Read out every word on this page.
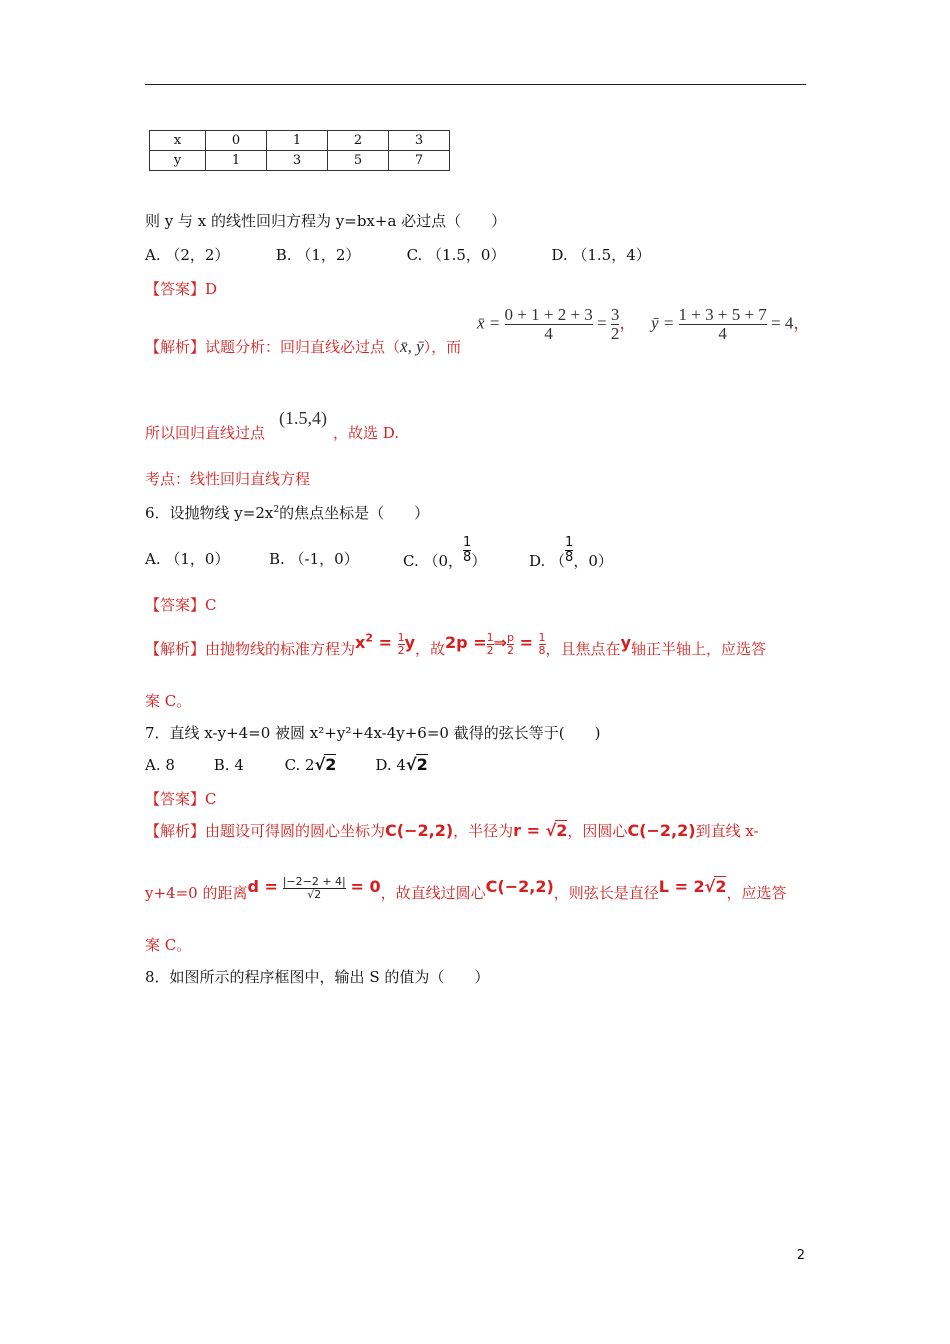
x	0	1	2	3
y	1	3	5	7
则 y 与 x 的线性回归方程为 y=bx+a 必过点（　　）
A. （2，2）	B. （1，2）	C. （1.5，0）	D. （1.5，4）
【答案】D
【解析】试题分析：回归直线必过点（x̄, ȳ），而
x̄ = $\frac{0 + 1 + 2 + 3}{4} = \frac{3}{2}$ ， ȳ = $\frac{1 + 3 + 5 + 7}{4} = 4$，
所以回归直线过点
(1.5,4)
，故选 D.
考点：线性回归直线方程
6．设抛物线 $y=2x^2$的焦点坐标是（　　）
A. （1，0）	B. （-1，0）	C. （0， $\frac{1}{8}$ ）	D. （ $\frac{1}{8}$ ，0）
【答案】C
【解析】由抛物线的标准方程为$x^2 = \frac{1}{2}$ y，故$2p = \frac{1}{2}$ ⇒ $\frac{p}{2} = \frac{1}{8}$ ，且焦点在y轴正半轴上，应选答
案 C。
7．直线 x-y+4=0 被圆 x²+y²+4x-4y+6=0 截得的弦长等于(　　)
A. 8	B. 4	C. 2√2	D. 4√2
【答案】C
【解析】由题设可得圆的圆心坐标为C(−2,2)，半径为r = √2，因圆心C(−2,2)到直线 x-
y+4=0 的距离$d = \frac{|-2-2 + 4|}{√2} = 0$，故直线过圆心C(−2,2)，则弦长是直径L = 2√2，应选答
案 C。
8．如图所示的程序框图中，输出 S 的值为（　　）
2
